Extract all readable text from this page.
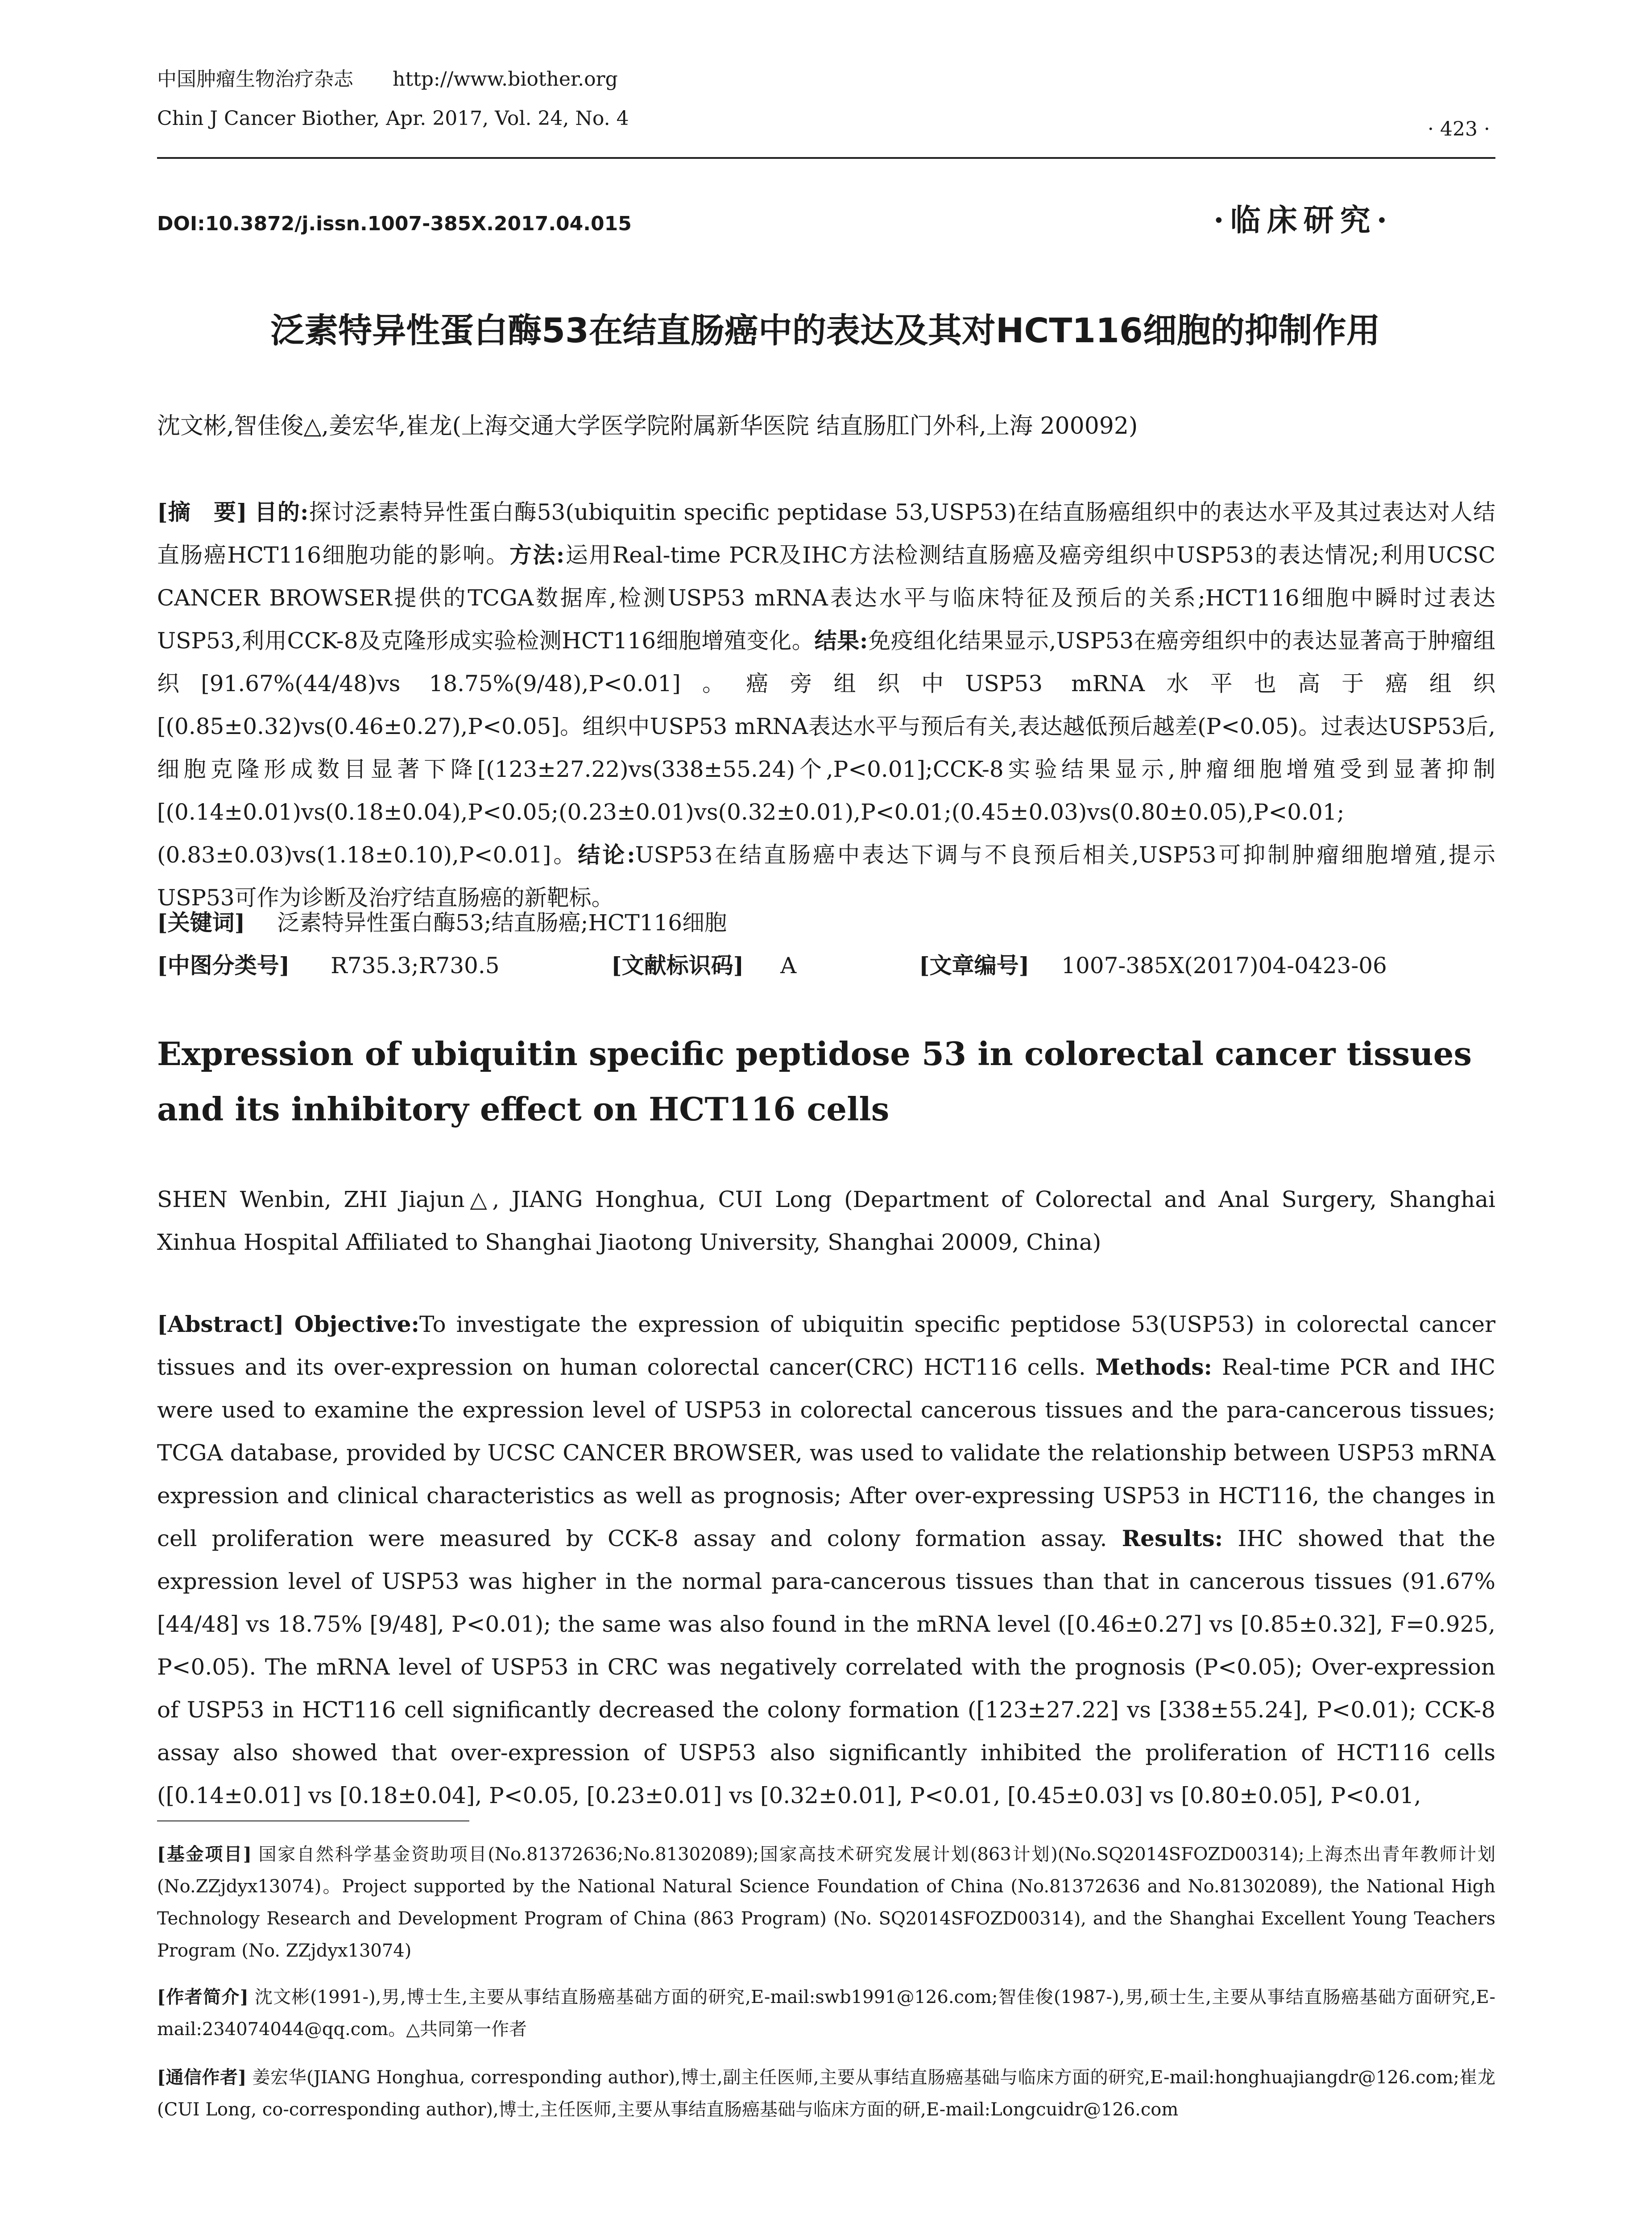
中国肿瘤生物治疗杂志 http://www.biother.org
Chin J Cancer Biother, Apr. 2017, Vol. 24, No. 4	· 423 ·
DOI:10.3872/j.issn.1007-385X.2017.04.015	·临床研究·
泛素特异性蛋白酶53在结直肠癌中的表达及其对HCT116细胞的抑制作用
沈文彬,智佳俊△,姜宏华,崔龙(上海交通大学医学院附属新华医院 结直肠肛门外科,上海 200092)
[摘　要] 目的:探讨泛素特异性蛋白酶53(ubiquitin specific peptidase 53,USP53)在结直肠癌组织中的表达水平及其过表达对人结直肠癌HCT116细胞功能的影响。方法:运用Real-time PCR及IHC方法检测结直肠癌及癌旁组织中USP53的表达情况;利用UCSC CANCER BROWSER提供的TCGA数据库,检测USP53 mRNA表达水平与临床特征及预后的关系;HCT116细胞中瞬时过表达USP53,利用CCK-8及克隆形成实验检测HCT116细胞增殖变化。结果:免疫组化结果显示,USP53在癌旁组织中的表达显著高于肿瘤组织[91.67%(44/48)vs 18.75%(9/48),P<0.01]。癌旁组织中USP53 mRNA水平也高于癌组织[(0.85±0.32)vs(0.46±0.27),P<0.05]。组织中USP53 mRNA表达水平与预后有关,表达越低预后越差(P<0.05)。过表达USP53后,细胞克隆形成数目显著下降[(123±27.22)vs(338±55.24)个,P<0.01];CCK-8实验结果显示,肿瘤细胞增殖受到显著抑制[(0.14±0.01)vs(0.18±0.04),P<0.05;(0.23±0.01)vs(0.32±0.01),P<0.01;(0.45±0.03)vs(0.80±0.05),P<0.01;(0.83±0.03)vs(1.18±0.10),P<0.01]。结论:USP53在结直肠癌中表达下调与不良预后相关,USP53可抑制肿瘤细胞增殖,提示USP53可作为诊断及治疗结直肠癌的新靶标。
[关键词] 泛素特异性蛋白酶53;结直肠癌;HCT116细胞
[中图分类号] R735.3;R730.5	[文献标识码] A	[文章编号] 1007-385X(2017)04-0423-06
Expression of ubiquitin specific peptidose 53 in colorectal cancer tissues and its inhibitory effect on HCT116 cells
SHEN Wenbin, ZHI Jiajun△, JIANG Honghua, CUI Long (Department of Colorectal and Anal Surgery, Shanghai Xinhua Hospital Affiliated to Shanghai Jiaotong University, Shanghai 20009, China)
[Abstract] Objective:To investigate the expression of ubiquitin specific peptidose 53(USP53) in colorectal cancer tissues and its over-expression on human colorectal cancer(CRC) HCT116 cells. Methods: Real-time PCR and IHC were used to examine the expression level of USP53 in colorectal cancerous tissues and the para-cancerous tissues; TCGA database, provided by UCSC CANCER BROWSER, was used to validate the relationship between USP53 mRNA expression and clinical characteristics as well as prognosis; After over-expressing USP53 in HCT116, the changes in cell proliferation were measured by CCK-8 assay and colony formation assay. Results: IHC showed that the expression level of USP53 was higher in the normal para-cancerous tissues than that in cancerous tissues (91.67%[44/48] vs 18.75% [9/48], P<0.01); the same was also found in the mRNA level ([0.46±0.27] vs [0.85±0.32], F=0.925, P<0.05). The mRNA level of USP53 in CRC was negatively correlated with the prognosis (P<0.05); Over-expression of USP53 in HCT116 cell significantly decreased the colony formation ([123±27.22] vs [338±55.24], P<0.01); CCK-8 assay also showed that over-expression of USP53 also significantly inhibited the proliferation of HCT116 cells ([0.14±0.01] vs [0.18±0.04], P<0.05, [0.23±0.01] vs [0.32±0.01], P<0.01, [0.45±0.03] vs [0.80±0.05], P<0.01,
[基金项目] 国家自然科学基金资助项目(No.81372636;No.81302089);国家高技术研究发展计划(863计划)(No.SQ2014SFOZD00314);上海杰出青年教师计划(No.ZZjdyx13074)。Project supported by the National Natural Science Foundation of China (No.81372636 and No.81302089), the National High Technology Research and Development Program of China (863 Program) (No. SQ2014SFOZD00314), and the Shanghai Excellent Young Teachers Program (No. ZZjdyx13074)
[作者简介] 沈文彬(1991-),男,博士生,主要从事结直肠癌基础方面的研究,E-mail:swb1991@126.com;智佳俊(1987-),男,硕士生,主要从事结直肠癌基础方面研究,E-mail:234074044@qq.com。△共同第一作者
[通信作者] 姜宏华(JIANG Honghua, corresponding author),博士,副主任医师,主要从事结直肠癌基础与临床方面的研究,E-mail:honghuajiangdr@126.com;崔龙(CUI Long, co-corresponding author),博士,主任医师,主要从事结直肠癌基础与临床方面的研,E-mail:Longcuidr@126.com
